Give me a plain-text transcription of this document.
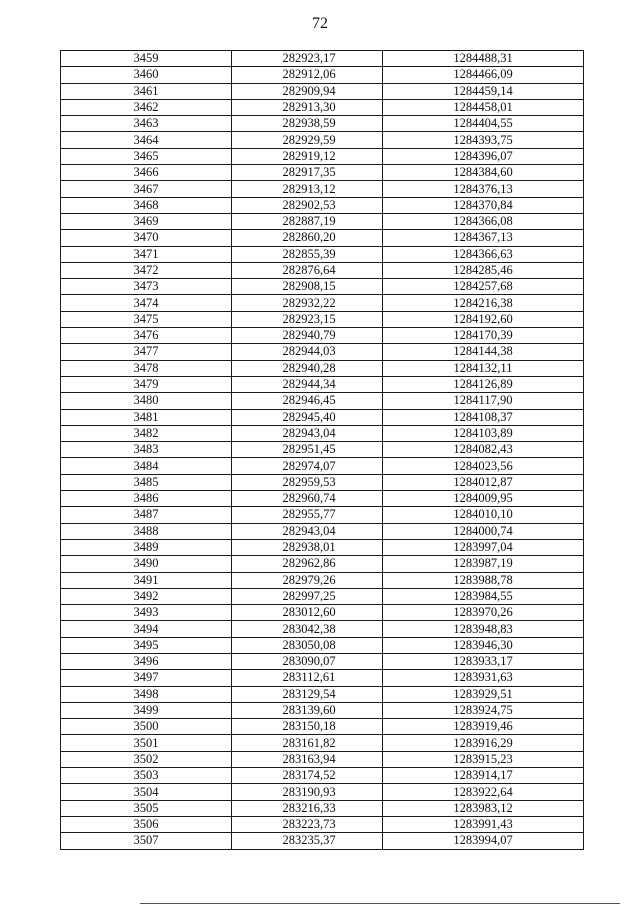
72
3459	282923,17	1284488,31
3460	282912,06	1284466,09
3461	282909,94	1284459,14
3462	282913,30	1284458,01
3463	282938,59	1284404,55
3464	282929,59	1284393,75
3465	282919,12	1284396,07
3466	282917,35	1284384,60
3467	282913,12	1284376,13
3468	282902,53	1284370,84
3469	282887,19	1284366,08
3470	282860,20	1284367,13
3471	282855,39	1284366,63
3472	282876,64	1284285,46
3473	282908,15	1284257,68
3474	282932,22	1284216,38
3475	282923,15	1284192,60
3476	282940,79	1284170,39
3477	282944,03	1284144,38
3478	282940,28	1284132,11
3479	282944,34	1284126,89
3480	282946,45	1284117,90
3481	282945,40	1284108,37
3482	282943,04	1284103,89
3483	282951,45	1284082,43
3484	282974,07	1284023,56
3485	282959,53	1284012,87
3486	282960,74	1284009,95
3487	282955,77	1284010,10
3488	282943,04	1284000,74
3489	282938,01	1283997,04
3490	282962,86	1283987,19
3491	282979,26	1283988,78
3492	282997,25	1283984,55
3493	283012,60	1283970,26
3494	283042,38	1283948,83
3495	283050,08	1283946,30
3496	283090,07	1283933,17
3497	283112,61	1283931,63
3498	283129,54	1283929,51
3499	283139,60	1283924,75
3500	283150,18	1283919,46
3501	283161,82	1283916,29
3502	283163,94	1283915,23
3503	283174,52	1283914,17
3504	283190,93	1283922,64
3505	283216,33	1283983,12
3506	283223,73	1283991,43
3507	283235,37	1283994,07
